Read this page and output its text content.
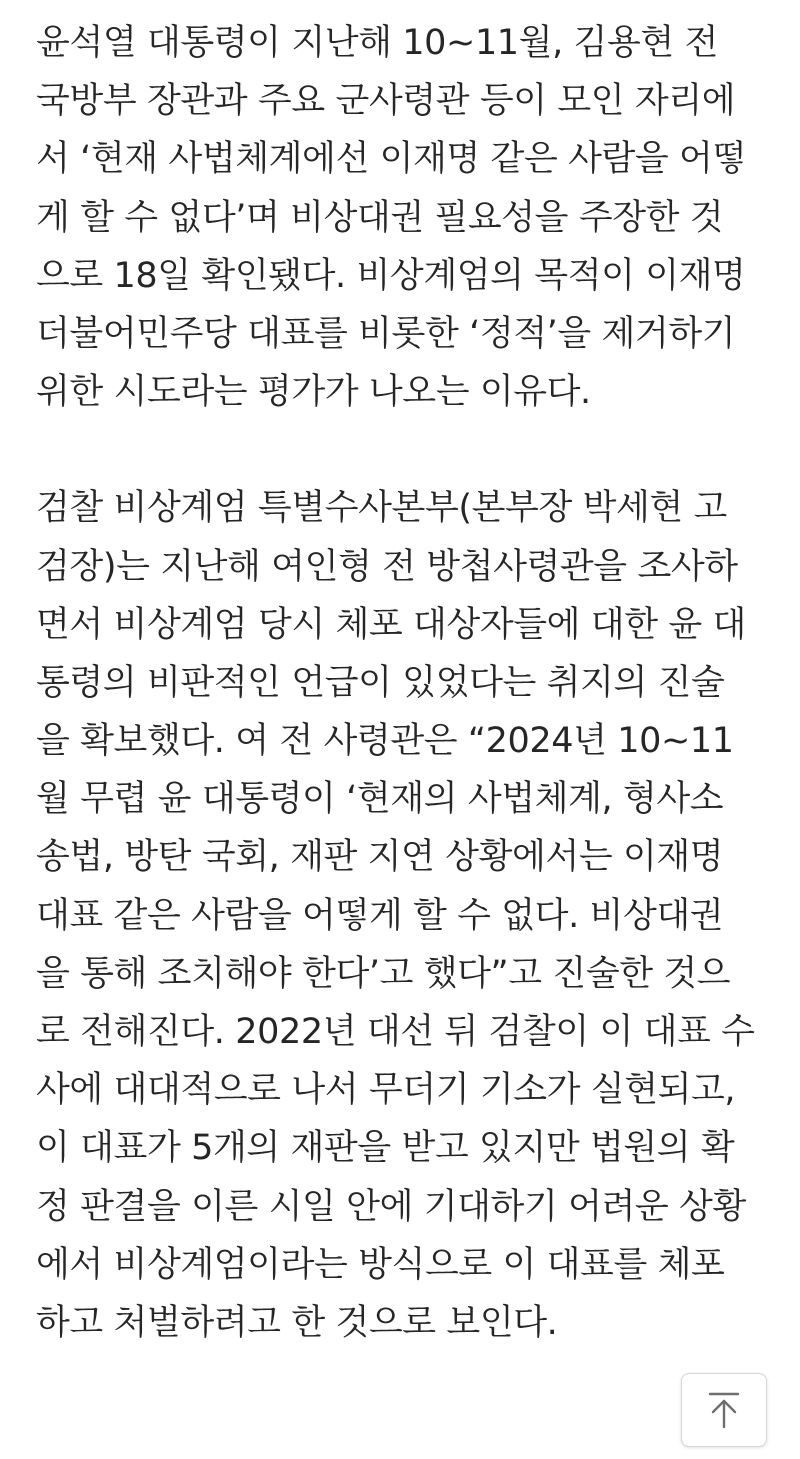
윤석열 대통령이 지난해 10~11월, 김용현 전
국방부 장관과 주요 군사령관 등이 모인 자리에
서 ‘현재 사법체계에선 이재명 같은 사람을 어떻
게 할 수 없다’며 비상대권 필요성을 주장한 것
으로 18일 확인됐다. 비상계엄의 목적이 이재명
더불어민주당 대표를 비롯한 ‘정적’을 제거하기
위한 시도라는 평가가 나오는 이유다.

검찰 비상계엄 특별수사본부(본부장 박세현 고
검장)는 지난해 여인형 전 방첩사령관을 조사하
면서 비상계엄 당시 체포 대상자들에 대한 윤 대
통령의 비판적인 언급이 있었다는 취지의 진술
을 확보했다. 여 전 사령관은 “2024년 10~11
월 무렵 윤 대통령이 ‘현재의 사법체계, 형사소
송법, 방탄 국회, 재판 지연 상황에서는 이재명
대표 같은 사람을 어떻게 할 수 없다. 비상대권
을 통해 조치해야 한다’고 했다”고 진술한 것으
로 전해진다. 2022년 대선 뒤 검찰이 이 대표 수
사에 대대적으로 나서 무더기 기소가 실현되고,
이 대표가 5개의 재판을 받고 있지만 법원의 확
정 판결을 이른 시일 안에 기대하기 어려운 상황
에서 비상계엄이라는 방식으로 이 대표를 체포
하고 처벌하려고 한 것으로 보인다.
